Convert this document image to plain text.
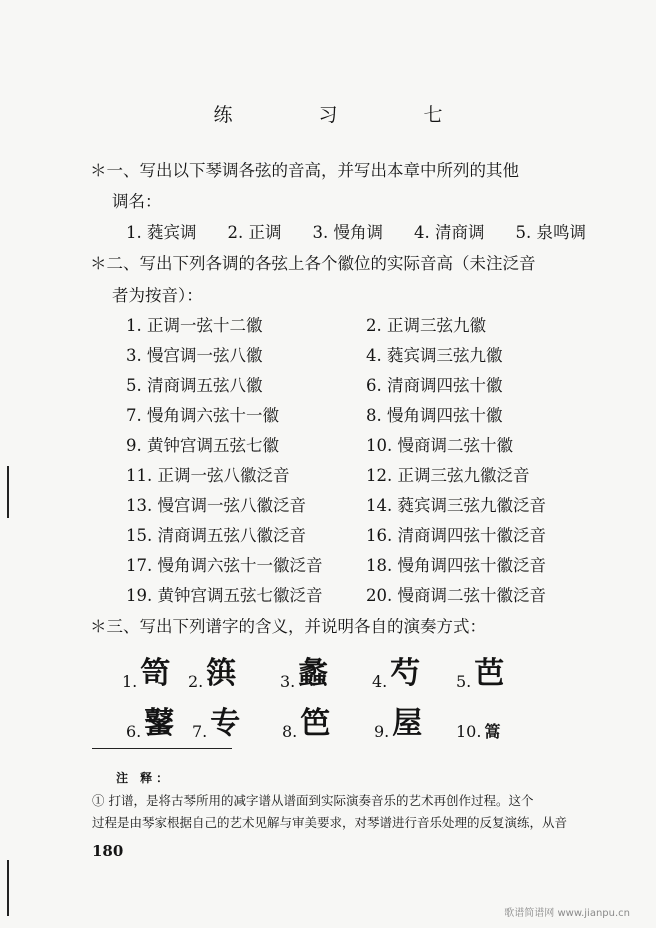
练 习 七
＊一、写出以下琴调各弦的音高，并写出本章中所列的其他
调名：
1. 蕤宾调 2. 正调 3. 慢角调 4. 清商调 5. 泉鸣调
＊二、写出下列各调的各弦上各个徽位的实际音高（未注泛音
者为按音）：
1. 正调一弦十二徽	2. 正调三弦九徽
3. 慢宫调一弦八徽	4. 蕤宾调三弦九徽
5. 清商调五弦八徽	6. 清商调四弦十徽
7. 慢角调六弦十一徽	8. 慢角调四弦十徽
9. 黄钟宫调五弦七徽	10. 慢商调二弦十徽
11. 正调一弦八徽泛音	12. 正调三弦九徽泛音
13. 慢宫调一弦八徽泛音	14. 蕤宾调三弦九徽泛音
15. 清商调五弦八徽泛音	16. 清商调四弦十徽泛音
17. 慢角调六弦十一徽泛音	18. 慢角调四弦十徽泛音
19. 黄钟宫调五弦七徽泛音	20. 慢商调二弦十徽泛音
＊三、写出下列谱字的含义，并说明各自的演奏方式：
1. 笥 2. 篊	3. 蠡	4. 芍 5. 芭
6. 鼜 7. 专	8. 笆	9. 屋 10. 篙
注 释：
① 打谱，是将古琴所用的减字谱从谱面到实际演奏音乐的艺术再创作过程。这个
过程是由琴家根据自己的艺术见解与审美要求，对琴谱进行音乐处理的反复演练，从音
180
歌谱简谱网 www.jianpu.cn
